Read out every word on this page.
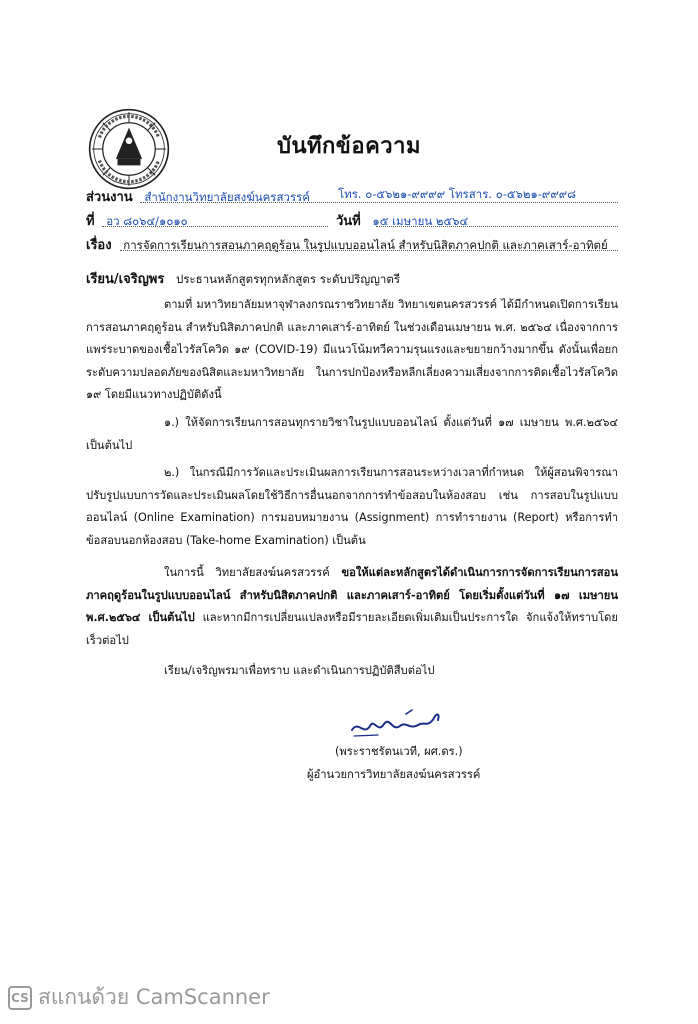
บันทึกข้อความ
ส่วนงาน สำนักงานวิทยาลัยสงฆ์นครสวรรค์ โทร. ๐-๕๖๒๑-๙๙๙๙ โทรสาร. ๐-๕๖๒๑-๙๙๙๘
ที่ อว ๘๐๖๔/๑๐๑๐	วันที่ ๑๕ เมษายน ๒๕๖๔
เรื่อง การจัดการเรียนการสอนภาคฤดูร้อน ในรูปแบบออนไลน์ สำหรับนิสิตภาคปกติ และภาคเสาร์-อาทิตย์
เรียน/เจริญพร ประธานหลักสูตรทุกหลักสูตร ระดับปริญญาตรี
ตามที่ มหาวิทยาลัยมหาจุฬาลงกรณราชวิทยาลัย วิทยาเขตนครสวรรค์ ได้มีกำหนดเปิดการเรียนการสอนภาคฤดูร้อน สำหรับนิสิตภาคปกติ และภาคเสาร์-อาทิตย์ ในช่วงเดือนเมษายน พ.ศ. ๒๕๖๔ เนื่องจากการแพร่ระบาดของเชื้อไวรัสโควิด ๑๙ (COVID-19) มีแนวโน้มทวีความรุนแรงและขยายกว้างมากขึ้น ดังนั้นเพื่อยกระดับความปลอดภัยของนิสิตและมหาวิทยาลัย ในการปกป้องหรือหลีกเลี่ยงความเสี่ยงจากการติดเชื้อไวรัสโควิด ๑๙ โดยมีแนวทางปฏิบัติดังนี้
๑.) ให้จัดการเรียนการสอนทุกรายวิชาในรูปแบบออนไลน์ ตั้งแต่วันที่ ๑๗ เมษายน พ.ศ.๒๕๖๔ เป็นต้นไป
๒.) ในกรณีมีการวัดและประเมินผลการเรียนการสอนระหว่างเวลาที่กำหนด ให้ผู้สอนพิจารณาปรับรูปแบบการวัดและประเมินผลโดยใช้วิธีการอื่นนอกจากการทำข้อสอบในห้องสอบ เช่น การสอบในรูปแบบออนไลน์ (Online Examination) การมอบหมายงาน (Assignment) การทำรายงาน (Report) หรือการทำข้อสอบนอกห้องสอบ (Take-home Examination) เป็นต้น
ในการนี้ วิทยาลัยสงฆ์นครสวรรค์ ขอให้แต่ละหลักสูตรได้ดำเนินการการจัดการเรียนการสอนภาคฤดูร้อนในรูปแบบออนไลน์ สำหรับนิสิตภาคปกติ และภาคเสาร์-อาทิตย์ โดยเริ่มตั้งแต่วันที่ ๑๗ เมษายน พ.ศ.๒๕๖๔ เป็นต้นไป และหากมีการเปลี่ยนแปลงหรือมีรายละเอียดเพิ่มเติมเป็นประการใด จักแจ้งให้ทราบโดยเร็วต่อไป
เรียน/เจริญพรมาเพื่อทราบ และดำเนินการปฏิบัติสืบต่อไป
(พระราชรัตนเวที, ผศ.ดร.)
ผู้อำนวยการวิทยาลัยสงฆ์นครสวรรค์
CS สแกนด้วย CamScanner
